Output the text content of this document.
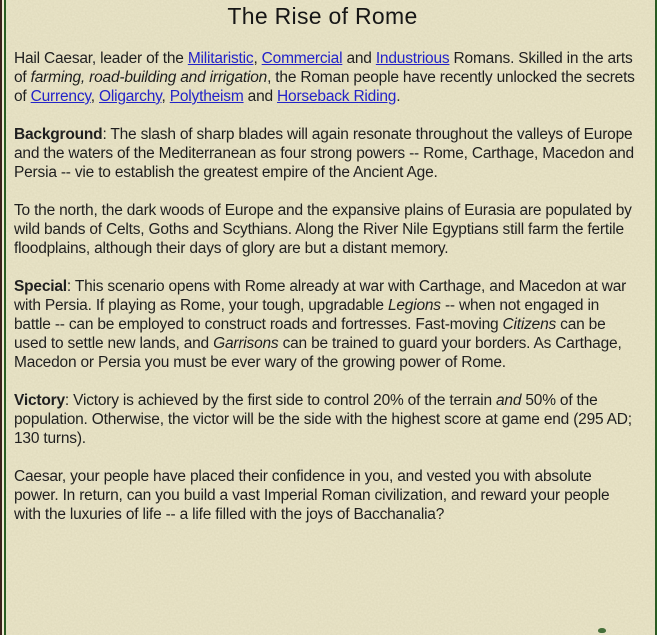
The Rise of Rome

Hail Caesar, leader of the Militaristic, Commercial and Industrious Romans. Skilled in the arts of farming, road-building and irrigation, the Roman people have recently unlocked the secrets of Currency, Oligarchy, Polytheism and Horseback Riding.

Background: The slash of sharp blades will again resonate throughout the valleys of Europe and the waters of the Mediterranean as four strong powers -- Rome, Carthage, Macedon and Persia -- vie to establish the greatest empire of the Ancient Age.

To the north, the dark woods of Europe and the expansive plains of Eurasia are populated by wild bands of Celts, Goths and Scythians. Along the River Nile Egyptians still farm the fertile floodplains, although their days of glory are but a distant memory.

Special: This scenario opens with Rome already at war with Carthage, and Macedon at war with Persia. If playing as Rome, your tough, upgradable Legions -- when not engaged in battle -- can be employed to construct roads and fortresses. Fast-moving Citizens can be used to settle new lands, and Garrisons can be trained to guard your borders. As Carthage, Macedon or Persia you must be ever wary of the growing power of Rome.

Victory: Victory is achieved by the first side to control 20% of the terrain and 50% of the population. Otherwise, the victor will be the side with the highest score at game end (295 AD; 130 turns).

Caesar, your people have placed their confidence in you, and vested you with absolute power. In return, can you build a vast Imperial Roman civilization, and reward your people with the luxuries of life -- a life filled with the joys of Bacchanalia?
